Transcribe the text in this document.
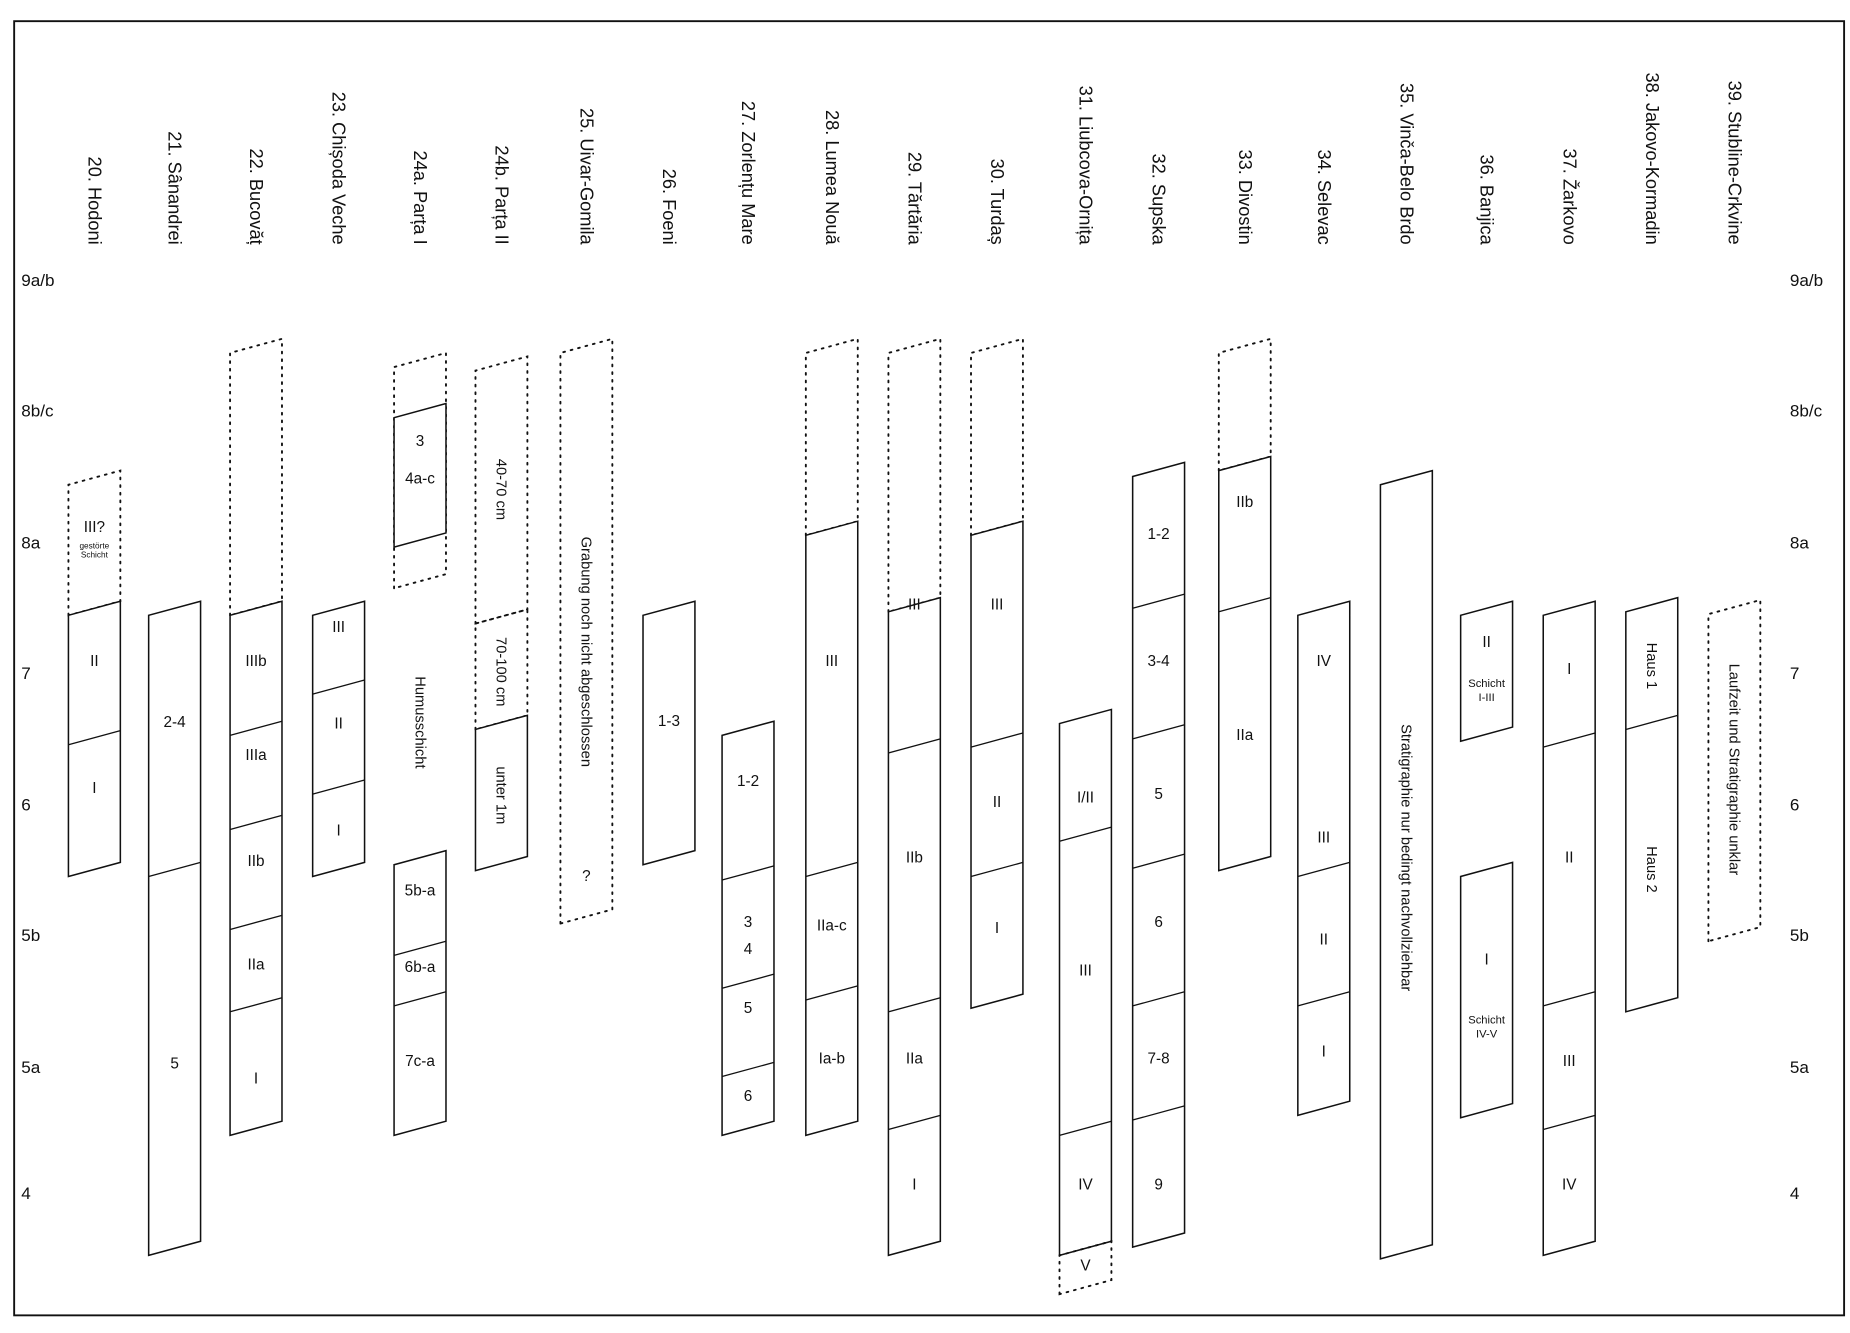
9a/b	9a/b
8b/c	8b/c
8a	8a
7	7
6	6
5b	5b
5a	5a
4	4
20. Hodoni
III?
gestörte
Schicht
II
I
21. Sânandrei
2-4
5
22. Bucovăț
IIIb
IIIa
IIb
IIa
I
23. Chișoda Veche
III
II
I
24a. Parța I
3
4a-c
Humusschicht
5b-a
6b-a
7c-a
24b. Parța II
40-70 cm
70-100 cm
unter 1m
25. Uivar-Gomila
Grabung noch nicht abgeschlossen
?
26. Foeni
1-3
27. Zorlențu Mare
1-2
3
4
5
6
28. Lumea Nouă
III
IIa-c
Ia-b
29. Tărtăria
III
IIb
IIa
I
30. Turdaș
III
II
I
31. Liubcova-Ornița
I/II
III
IV
V
32. Supska
1-2
3-4
5
6
7-8
9
33. Divostin
IIb
IIa
34. Selevac
IV
III
II
I
35. Vinča-Belo Brdo
Stratigraphie nur bedingt nachvollziehbar
36. Banjica
II
Schicht
I-III
I
Schicht
IV-V
37. Žarkovo
I
II
III
IV
38. Jakovo-Kormadin
Haus 1
Haus 2
39. Stubline-Crkvine
Laufzeit und Stratigraphie unklar
